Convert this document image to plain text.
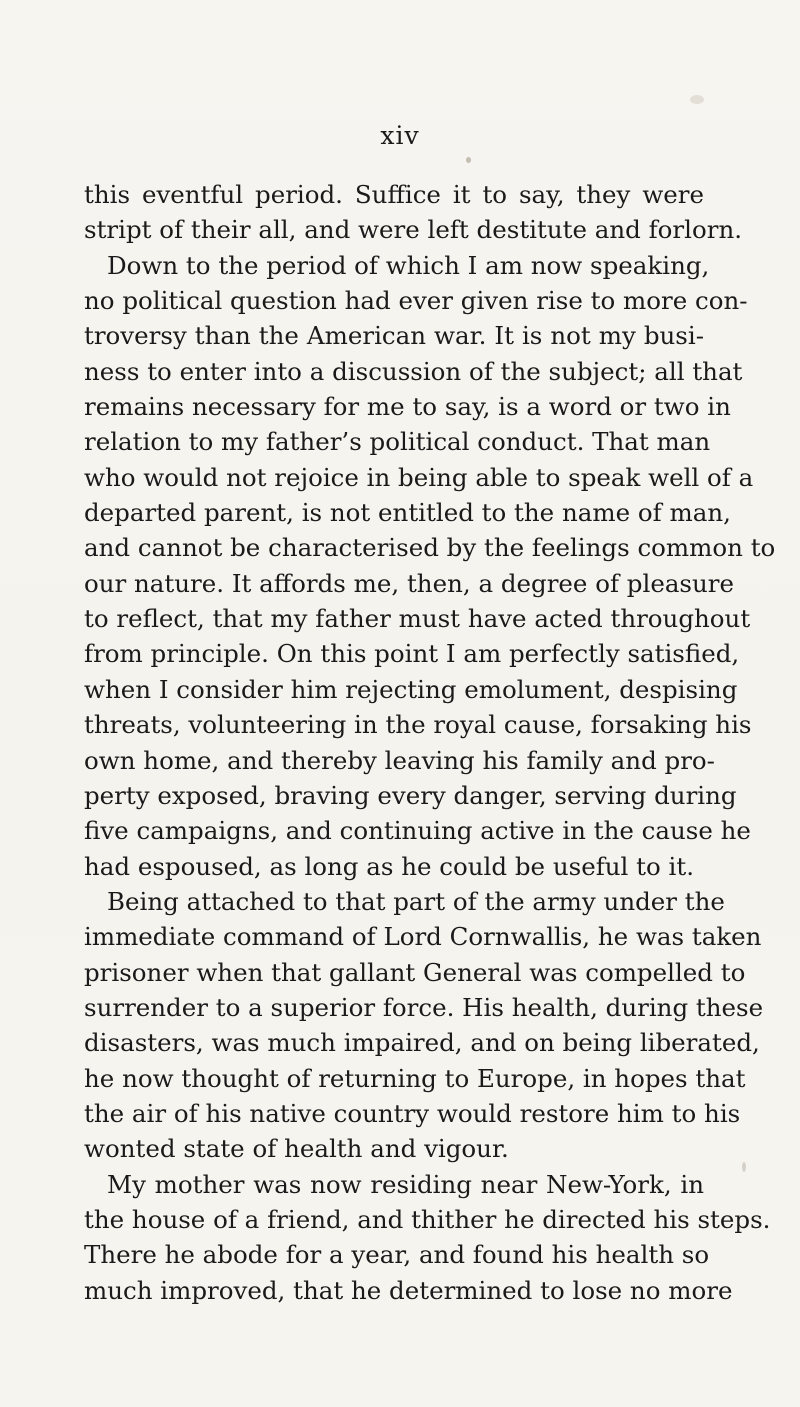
xiv
this eventful period. Suffice it to say, they were
stript of their all, and were left destitute and forlorn.
Down to the period of which I am now speaking,
no political question had ever given rise to more con-
troversy than the American war. It is not my busi-
ness to enter into a discussion of the subject; all that
remains necessary for me to say, is a word or two in
relation to my father’s political conduct. That man
who would not rejoice in being able to speak well of a
departed parent, is not entitled to the name of man,
and cannot be characterised by the feelings common to
our nature. It affords me, then, a degree of pleasure
to reflect, that my father must have acted throughout
from principle. On this point I am perfectly satisfied,
when I consider him rejecting emolument, despising
threats, volunteering in the royal cause, forsaking his
own home, and thereby leaving his family and pro-
perty exposed, braving every danger, serving during
five campaigns, and continuing active in the cause he
had espoused, as long as he could be useful to it.
Being attached to that part of the army under the
immediate command of Lord Cornwallis, he was taken
prisoner when that gallant General was compelled to
surrender to a superior force. His health, during these
disasters, was much impaired, and on being liberated,
he now thought of returning to Europe, in hopes that
the air of his native country would restore him to his
wonted state of health and vigour.
My mother was now residing near New-York, in
the house of a friend, and thither he directed his steps.
There he abode for a year, and found his health so
much improved, that he determined to lose no more
